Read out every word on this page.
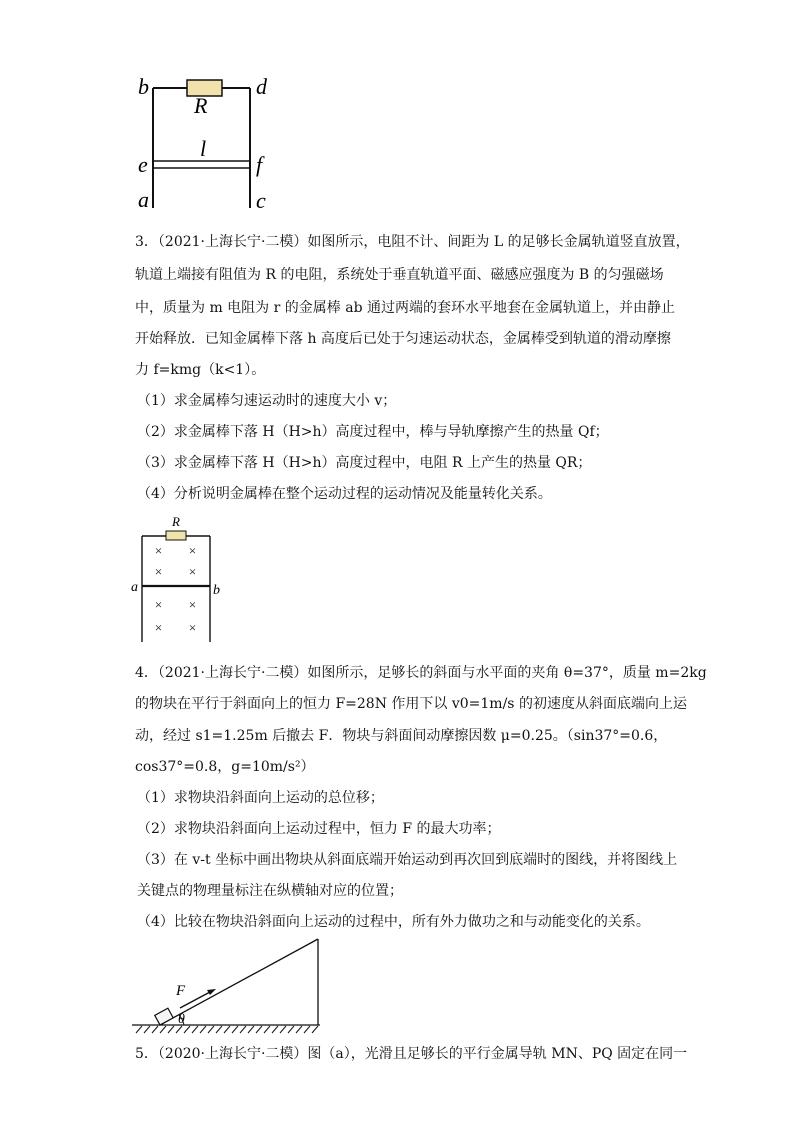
b	d
R
l
e	f
a	c
3．（2021·上海长宁·二模）如图所示，电阻不计、间距为 L 的足够长金属轨道竖直放置，
轨道上端接有阻值为 R 的电阻，系统处于垂直轨道平面、磁感应强度为 B 的匀强磁场
中，质量为 m 电阻为 r 的金属棒 ab 通过两端的套环水平地套在金属轨道上，并由静止
开始释放．已知金属棒下落 h 高度后已处于匀速运动状态，金属棒受到轨道的滑动摩擦
力 f=kmg（k<1）。
（1）求金属棒匀速运动时的速度大小 v；
（2）求金属棒下落 H（H>h）高度过程中，棒与导轨摩擦产生的热量 Qf；
（3）求金属棒下落 H（H>h）高度过程中，电阻 R 上产生的热量 QR；
（4）分析说明金属棒在整个运动过程的运动情况及能量转化关系。
R
a	b
× ×
× ×
× ×
× ×
4．（2021·上海长宁·二模）如图所示，足够长的斜面与水平面的夹角 θ=37°，质量 m=2kg
的物块在平行于斜面向上的恒力 F=28N 作用下以 v0=1m/s 的初速度从斜面底端向上运
动，经过 s1=1.25m 后撤去 F．物块与斜面间动摩擦因数 μ=0.25。（sin37°=0.6，
cos37°=0.8，g=10m/s²）
（1）求物块沿斜面向上运动的总位移；
（2）求物块沿斜面向上运动过程中，恒力 F 的最大功率；
（3）在 v-t 坐标中画出物块从斜面底端开始运动到再次回到底端时的图线，并将图线上
关键点的物理量标注在纵横轴对应的位置；
（4）比较在物块沿斜面向上运动的过程中，所有外力做功之和与动能变化的关系。
F
θ
5．（2020·上海长宁·二模）图（a），光滑且足够长的平行金属导轨 MN、PQ 固定在同一
